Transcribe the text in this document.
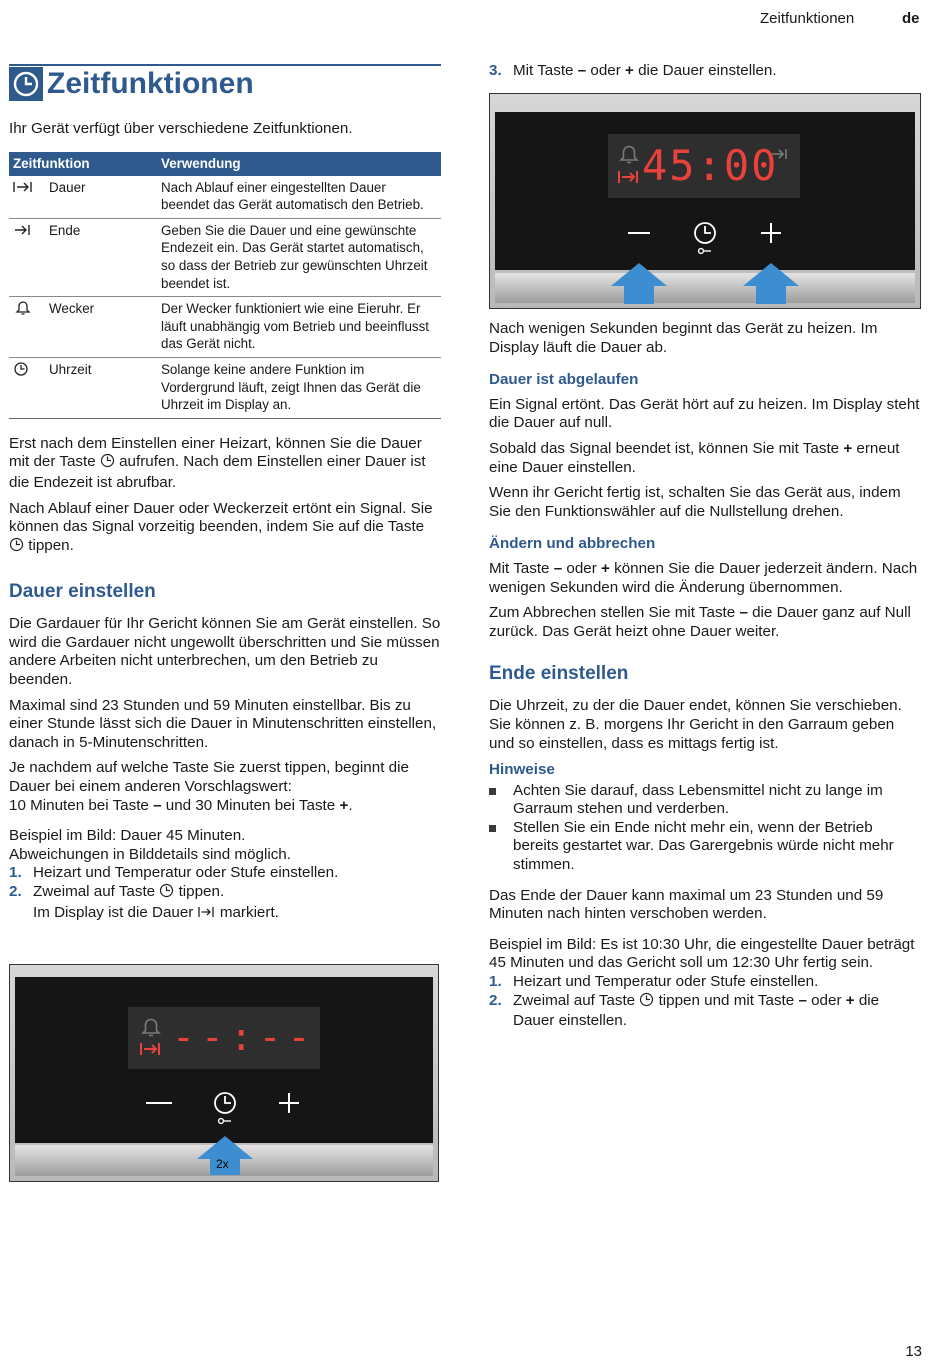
Zeitfunktionen	de
Zeitfunktionen

Ihr Gerät verfügt über verschiedene Zeitfunktionen.

Zeitfunktion	Verwendung

Dauer	Nach Ablauf einer eingestellten Dauer beendet das Gerät automatisch den Betrieb.

Ende	Geben Sie die Dauer und eine gewünschte Endezeit ein. Das Gerät startet automatisch, so dass der Betrieb zur gewünschten Uhrzeit beendet ist.

Wecker	Der Wecker funktioniert wie eine Eieruhr. Er läuft unabhängig vom Betrieb und beeinflusst das Gerät nicht.

Uhrzeit	Solange keine andere Funktion im Vordergrund läuft, zeigt Ihnen das Gerät die Uhrzeit im Display an.

Erst nach dem Einstellen einer Heizart, können Sie die Dauer mit der Taste  aufrufen. Nach dem Einstellen einer Dauer ist die Endezeit ist abrufbar.

Nach Ablauf einer Dauer oder Weckerzeit ertönt ein Signal. Sie können das Signal vorzeitig beenden, indem Sie auf die Taste  tippen.

Dauer einstellen

Die Gardauer für Ihr Gericht können Sie am Gerät einstellen. So wird die Gardauer nicht ungewollt überschritten und Sie müssen andere Arbeiten nicht unterbrechen, um den Betrieb zu beenden.

Maximal sind 23 Stunden und 59 Minuten einstellbar. Bis zu einer Stunde lässt sich die Dauer in Minutenschritten einstellen, danach in 5-Minutenschritten.

Je nachdem auf welche Taste Sie zuerst tippen, beginnt die Dauer bei einem anderen Vorschlagswert:
10 Minuten bei Taste – und 30 Minuten bei Taste +.

Beispiel im Bild: Dauer 45 Minuten.

Abweichungen in Bilddetails sind möglich.

1. Heizart und Temperatur oder Stufe einstellen.
2. Zweimal auf Taste  tippen.
Im Display ist die Dauer  markiert.
--:--
2x
3. Mit Taste – oder + die Dauer einstellen.
45:00

Nach wenigen Sekunden beginnt das Gerät zu heizen. Im Display läuft die Dauer ab.

Dauer ist abgelaufen

Ein Signal ertönt. Das Gerät hört auf zu heizen. Im Display steht die Dauer auf null.

Sobald das Signal beendet ist, können Sie mit Taste + erneut eine Dauer einstellen.

Wenn ihr Gericht fertig ist, schalten Sie das Gerät aus, indem Sie den Funktionswähler auf die Nullstellung drehen.

Ändern und abbrechen

Mit Taste – oder + können Sie die Dauer jederzeit ändern. Nach wenigen Sekunden wird die Änderung übernommen.

Zum Abbrechen stellen Sie mit Taste – die Dauer ganz auf Null zurück. Das Gerät heizt ohne Dauer weiter.

Ende einstellen

Die Uhrzeit, zu der die Dauer endet, können Sie verschieben. Sie können z. B. morgens Ihr Gericht in den Garraum geben und so einstellen, dass es mittags fertig ist.

Hinweise
Achten Sie darauf, dass Lebensmittel nicht zu lange im Garraum stehen und verderben.
Stellen Sie ein Ende nicht mehr ein, wenn der Betrieb bereits gestartet war. Das Garergebnis würde nicht mehr stimmen.

Das Ende der Dauer kann maximal um 23 Stunden und 59 Minuten nach hinten verschoben werden.

Beispiel im Bild: Es ist 10:30 Uhr, die eingestellte Dauer beträgt 45 Minuten und das Gericht soll um 12:30 Uhr fertig sein.

1. Heizart und Temperatur oder Stufe einstellen.
2. Zweimal auf Taste  tippen und mit Taste – oder + die Dauer einstellen.
13
